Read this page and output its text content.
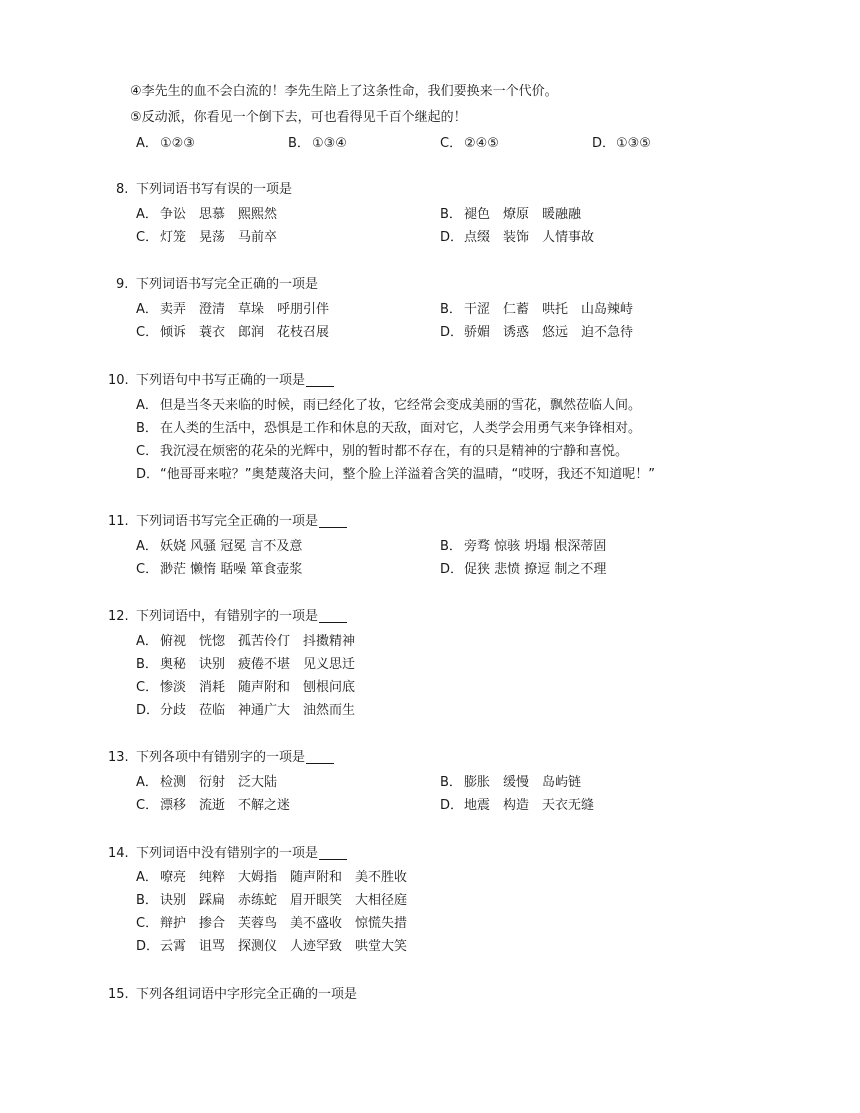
④李先生的血不会白流的！李先生陪上了这条性命，我们要换来一个代价。
⑤反动派，你看见一个倒下去，可也看得见千百个继起的！
A． ①②③	B． ①③④	C． ②④⑤	D．①③⑤
8. 下列词语书写有误的一项是
A． 争讼　思慕　熙熙然	B． 褪色　燎原　暖融融
C． 灯笼　晃荡　马前卒	D．点缀　装饰　人情事故
9. 下列词语书写完全正确的一项是
A． 卖弄　澄清　草垛　呼朋引伴	B． 干涩　仁蓄　哄托　山岛辣峙
C． 倾诉　蓑衣　郎润　花枝召展	D．骄媚　诱惑　悠远　迫不急待
10. 下列语句中书写正确的一项是
A． 但是当冬天来临的时候，雨已经化了妆，它经常会变成美丽的雪花，飘然莅临人间。
B． 在人类的生活中，恐惧是工作和休息的天敌，面对它，人类学会用勇气来争锋相对。
C． 我沉浸在烦密的花朵的光辉中，别的暂时都不存在，有的只是精神的宁静和喜悦。
D．“他哥哥来啦？”奥楚蔑洛夫问，整个脸上洋溢着含笑的温晴，“哎呀，我还不知道呢！”
11. 下列词语书写完全正确的一项是
A． 妖娆 风骚 冠冕 言不及意	B． 旁骛 惊骇 坍塌 根深蒂固
C． 渺茫 懒惰 聒噪 箪食壶浆	D．促狭 悲愤 撩逗 制之不理
12. 下列词语中，有错别字的一项是
A． 俯视　恍惚　孤苦伶仃　抖擞精神
B． 奥秘　诀别　疲倦不堪　见义思迁
C． 惨淡　消耗　随声附和　刨根问底
D．分歧　莅临　神通广大　油然而生
13. 下列各项中有错别字的一项是
A． 检测　衍射　泛大陆	B． 膨胀　缓慢　岛屿链
C． 漂移　流逝　不解之迷	D．地震　构造　天衣无缝
14. 下列词语中没有错别字的一项是
A． 嘹亮　纯粹　大姆指　随声附和　美不胜收
B． 诀别　踩扁　赤练蛇　眉开眼笑　大相径庭
C． 辩护　掺合　芙蓉鸟　美不盛收　惊慌失措
D．云霄　诅骂　探测仪　人迹罕致　哄堂大笑
15. 下列各组词语中字形完全正确的一项是
